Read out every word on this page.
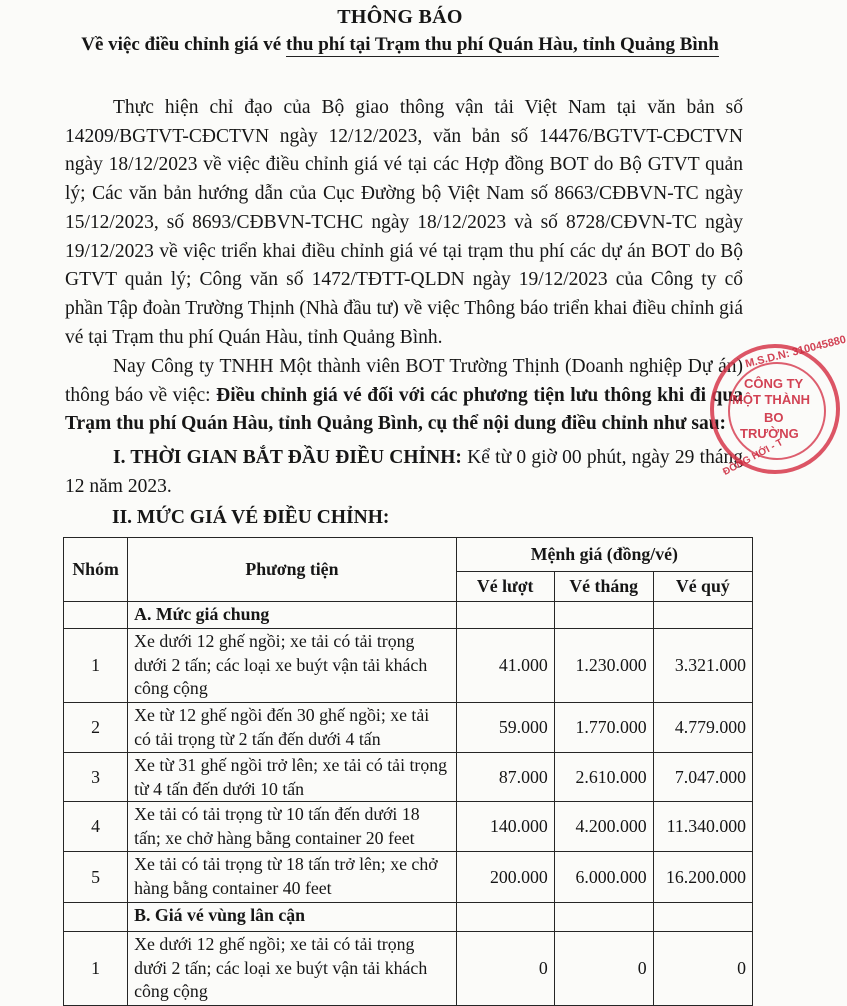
THÔNG BÁO
Về việc điều chỉnh giá vé thu phí tại Trạm thu phí Quán Hàu, tỉnh Quảng Bình
Thực hiện chỉ đạo của Bộ giao thông vận tải Việt Nam tại văn bản số 14209/BGTVT-CĐCTVN ngày 12/12/2023, văn bản số 14476/BGTVT-CĐCTVN ngày 18/12/2023 về việc điều chỉnh giá vé tại các Hợp đồng BOT do Bộ GTVT quản lý; Các văn bản hướng dẫn của Cục Đường bộ Việt Nam số 8663/CĐBVN-TC ngày 15/12/2023, số 8693/CĐBVN-TCHC ngày 18/12/2023 và số 8728/CĐVN-TC ngày 19/12/2023 về việc triển khai điều chỉnh giá vé tại trạm thu phí các dự án BOT do Bộ GTVT quản lý; Công văn số 1472/TĐTT-QLDN ngày 19/12/2023 của Công ty cổ phần Tập đoàn Trường Thịnh (Nhà đầu tư) về việc Thông báo triển khai điều chỉnh giá vé tại Trạm thu phí Quán Hàu, tỉnh Quảng Bình.
Nay Công ty TNHH Một thành viên BOT Trường Thịnh (Doanh nghiệp Dự án) thông báo về việc: Điều chỉnh giá vé đối với các phương tiện lưu thông khi đi qua Trạm thu phí Quán Hàu, tỉnh Quảng Bình, cụ thể nội dung điều chỉnh như sau:
I. THỜI GIAN BẮT ĐẦU ĐIỀU CHỈNH: Kể từ 0 giờ 00 phút, ngày 29 tháng 12 năm 2023.
II. MỨC GIÁ VÉ ĐIỀU CHỈNH:
Nhóm	Phương tiện	Mệnh giá (đồng/vé)		
		Vé lượt	Vé tháng	Vé quý
	A. Mức giá chung			
1	Xe dưới 12 ghế ngồi; xe tải có tải trọng dưới 2 tấn; các loại xe buýt vận tải khách công cộng	41.000	1.230.000	3.321.000
2	Xe từ 12 ghế ngồi đến 30 ghế ngồi; xe tải có tải trọng từ 2 tấn đến dưới 4 tấn	59.000	1.770.000	4.779.000
3	Xe từ 31 ghế ngồi trở lên; xe tải có tải trọng từ 4 tấn đến dưới 10 tấn	87.000	2.610.000	7.047.000
4	Xe tải có tải trọng từ 10 tấn đến dưới 18 tấn; xe chở hàng bằng container 20 feet	140.000	4.200.000	11.340.000
5	Xe tải có tải trọng từ 18 tấn trở lên; xe chở hàng bằng container 40 feet	200.000	6.000.000	16.200.000
	B. Giá vé vùng lân cận			
1	Xe dưới 12 ghế ngồi; xe tải có tải trọng dưới 2 tấn; các loại xe buýt vận tải khách công cộng	0	0	0
M.S.D.N: 310045880
CÔNG TY
MỘT THÀNH
BO
TRƯỜNG
ĐỒNG HỚI - T
